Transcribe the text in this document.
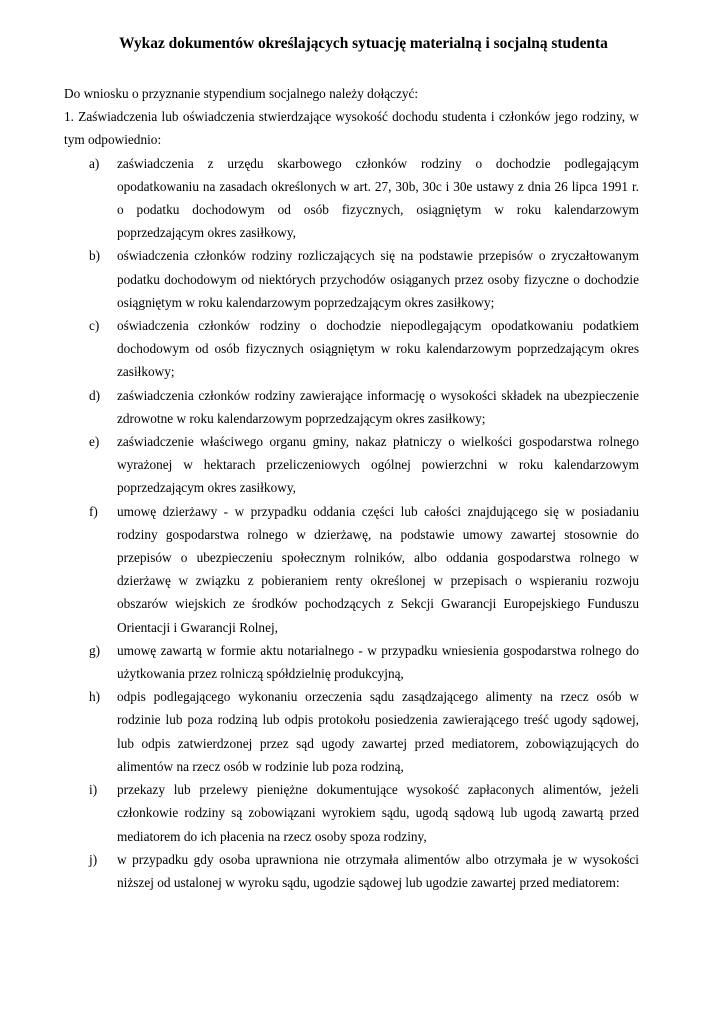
Wykaz dokumentów określających sytuację materialną i socjalną studenta

Do wniosku o przyznanie stypendium socjalnego należy dołączyć:

1. Zaświadczenia lub oświadczenia stwierdzające wysokość dochodu studenta i członków jego rodziny, w tym odpowiednio:

a) zaświadczenia z urzędu skarbowego członków rodziny o dochodzie podlegającym opodatkowaniu na zasadach określonych w art. 27, 30b, 30c i 30e ustawy z dnia 26 lipca 1991 r. o podatku dochodowym od osób fizycznych, osiągniętym w roku kalendarzowym poprzedzającym okres zasiłkowy,
b) oświadczenia członków rodziny rozliczających się na podstawie przepisów o zryczałtowanym podatku dochodowym od niektórych przychodów osiąganych przez osoby fizyczne o dochodzie osiągniętym w roku kalendarzowym poprzedzającym okres zasiłkowy;
c) oświadczenia członków rodziny o dochodzie niepodlegającym opodatkowaniu podatkiem dochodowym od osób fizycznych osiągniętym w roku kalendarzowym poprzedzającym okres zasiłkowy;
d) zaświadczenia członków rodziny zawierające informację o wysokości składek na ubezpieczenie zdrowotne w roku kalendarzowym poprzedzającym okres zasiłkowy;
e) zaświadczenie właściwego organu gminy, nakaz płatniczy o wielkości gospodarstwa rolnego wyrażonej w hektarach przeliczeniowych ogólnej powierzchni w roku kalendarzowym poprzedzającym okres zasiłkowy,
f) umowę dzierżawy - w przypadku oddania części lub całości znajdującego się w posiadaniu rodziny gospodarstwa rolnego w dzierżawę, na podstawie umowy zawartej stosownie do przepisów o ubezpieczeniu społecznym rolników, albo oddania gospodarstwa rolnego w dzierżawę w związku z pobieraniem renty określonej w przepisach o wspieraniu rozwoju obszarów wiejskich ze środków pochodzących z Sekcji Gwarancji Europejskiego Funduszu Orientacji i Gwarancji Rolnej,
g) umowę zawartą w formie aktu notarialnego - w przypadku wniesienia gospodarstwa rolnego do użytkowania przez rolniczą spółdzielnię produkcyjną,
h) odpis podlegającego wykonaniu orzeczenia sądu zasądzającego alimenty na rzecz osób w rodzinie lub poza rodziną lub odpis protokołu posiedzenia zawierającego treść ugody sądowej, lub odpis zatwierdzonej przez sąd ugody zawartej przed mediatorem, zobowiązujących do alimentów na rzecz osób w rodzinie lub poza rodziną,
i) przekazy lub przelewy pieniężne dokumentujące wysokość zapłaconych alimentów, jeżeli członkowie rodziny są zobowiązani wyrokiem sądu, ugodą sądową lub ugodą zawartą przed mediatorem do ich płacenia na rzecz osoby spoza rodziny,
j) w przypadku gdy osoba uprawniona nie otrzymała alimentów albo otrzymała je w wysokości niższej od ustalonej w wyroku sądu, ugodzie sądowej lub ugodzie zawartej przed mediatorem:
